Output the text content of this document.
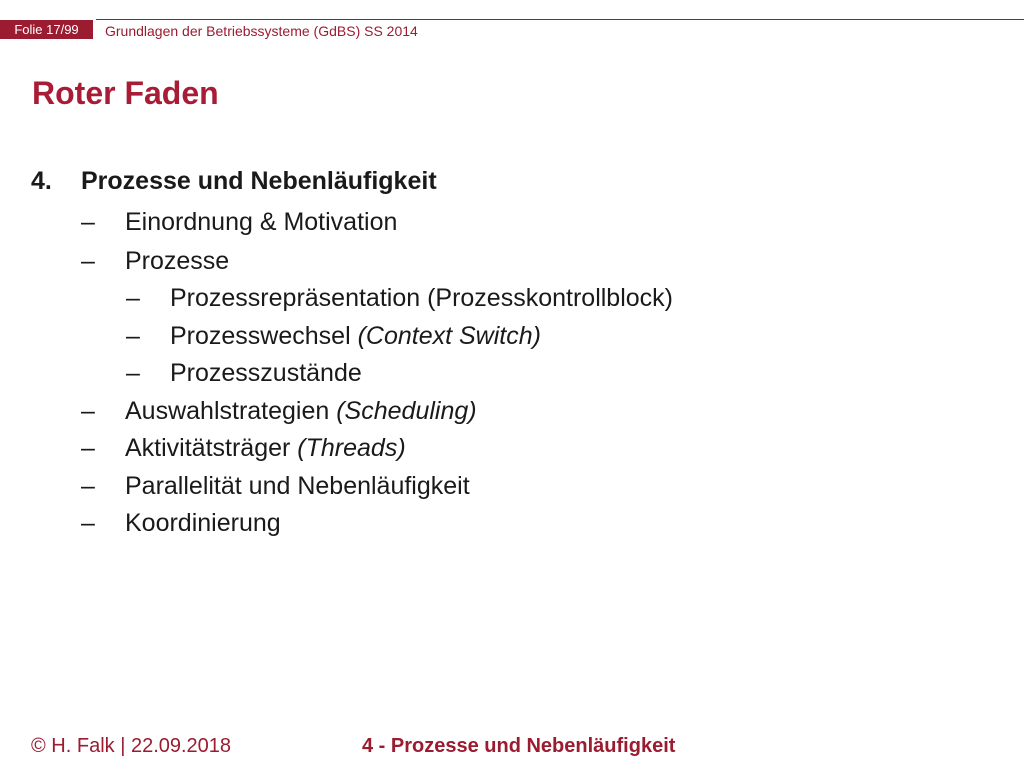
Folie 17/99	Grundlagen der Betriebssysteme (GdBS) SS 2014
Roter Faden
4. Prozesse und Nebenläufigkeit
– Einordnung & Motivation
– Prozesse
– Prozessrepräsentation (Prozesskontrollblock)
– Prozesswechsel (Context Switch)
– Prozesszustände
– Auswahlstrategien (Scheduling)
– Aktivitätsträger (Threads)
– Parallelität und Nebenläufigkeit
– Koordinierung
© H. Falk | 22.09.2018	4 - Prozesse und Nebenläufigkeit
